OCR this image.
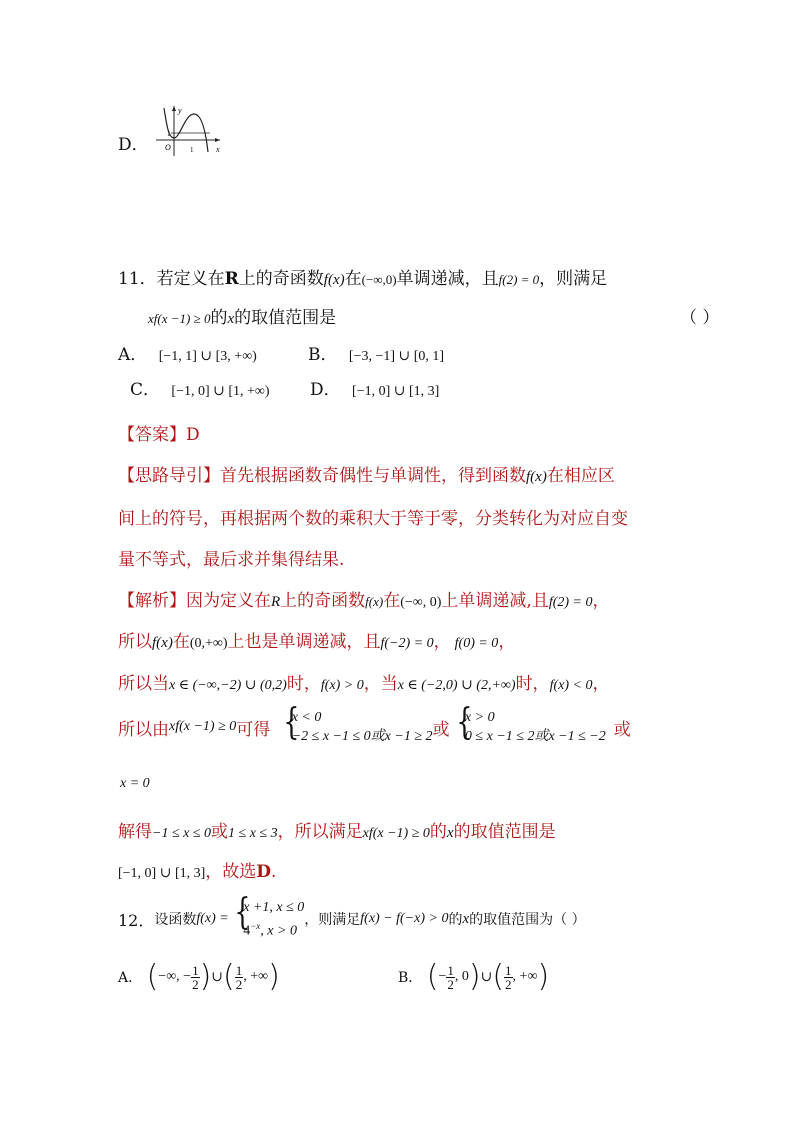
D．
y
x
O
1
1
11．若定义在R上的奇函数f(x)在(−∞,0)单调递减，且f(2) = 0，则满足
xf(x −1) ≥ 0的x的取值范围是	（ ）
A． [−1, 1] ∪ [3, +∞)	B． [−3, −1] ∪ [0, 1]
C． [−1, 0] ∪ [1, +∞) D． [−1, 0] ∪ [1, 3]
【答案】D
【思路导引】首先根据函数奇偶性与单调性，得到函数f(x)在相应区
间上的符号，再根据两个数的乘积大于等于零，分类转化为对应自变
量不等式，最后求并集得结果.
【解析】因为定义在R上的奇函数f(x)在(−∞, 0)上单调递减,且f(2) = 0，
所以f(x)在(0,+∞)上也是单调递减，且f(−2) = 0， f(0) = 0，
所以当x ∈ (−∞,−2) ∪ (0,2)时，f(x) > 0，当x ∈ (−2,0) ∪ (2,+∞)时，f(x) < 0，
所以由xf(x −1) ≥ 0可得
{ x < 0
−2 ≤ x −1 ≤ 0或x −1 ≥ 2 或
{ x > 0
0 ≤ x −1 ≤ 2或x −1 ≤ −2 或
x = 0
解得−1 ≤ x ≤ 0或1 ≤ x ≤ 3，所以满足xf(x −1) ≥ 0的x的取值范围是
[−1, 0] ∪ [1, 3]，故选D.
12．设函数f(x) =
{ x +1, x ≤ 0
$4^{-x}$, x > 0
，则满足f(x) − f(−x) > 0的x的取值范围为（ ）
A． (−∞, − $\frac{1}{2}$ )∪( $\frac{1}{2}$ , +∞)	B． (− $\frac{1}{2}$ , 0)∪( $\frac{1}{2}$ , +∞)
